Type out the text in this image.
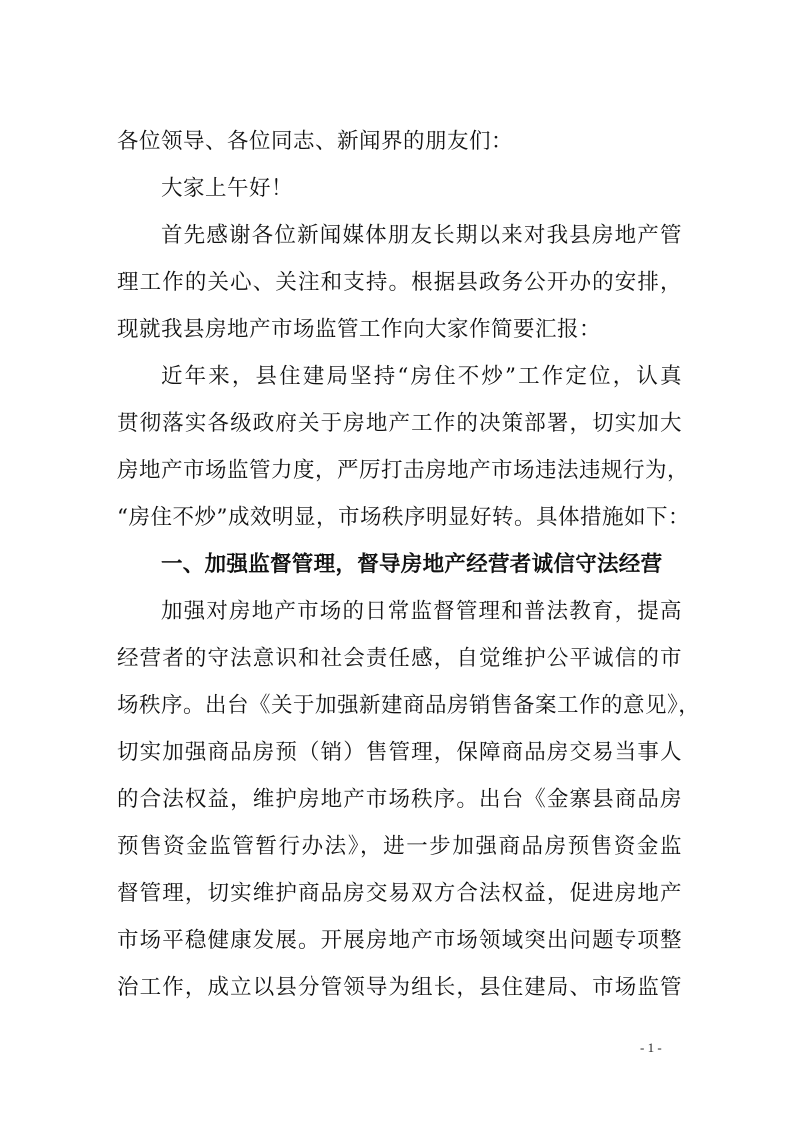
各位领导、各位同志、新闻界的朋友们：
大家上午好！
首先感谢各位新闻媒体朋友长期以来对我县房地产管
理工作的关心、关注和支持。根据县政务公开办的安排，
现就我县房地产市场监管工作向大家作简要汇报：
近年来，县住建局坚持“房住不炒”工作定位，认真
贯彻落实各级政府关于房地产工作的决策部署，切实加大
房地产市场监管力度，严厉打击房地产市场违法违规行为，
“房住不炒”成效明显，市场秩序明显好转。具体措施如下：
一、加强监督管理，督导房地产经营者诚信守法经营
加强对房地产市场的日常监督管理和普法教育，提高
经营者的守法意识和社会责任感，自觉维护公平诚信的市
场秩序。出台《关于加强新建商品房销售备案工作的意见》，
切实加强商品房预（销）售管理，保障商品房交易当事人
的合法权益，维护房地产市场秩序。出台《金寨县商品房
预售资金监管暂行办法》，进一步加强商品房预售资金监
督管理，切实维护商品房交易双方合法权益，促进房地产
市场平稳健康发展。开展房地产市场领域突出问题专项整
治工作，成立以县分管领导为组长，县住建局、市场监管
- 1 -
